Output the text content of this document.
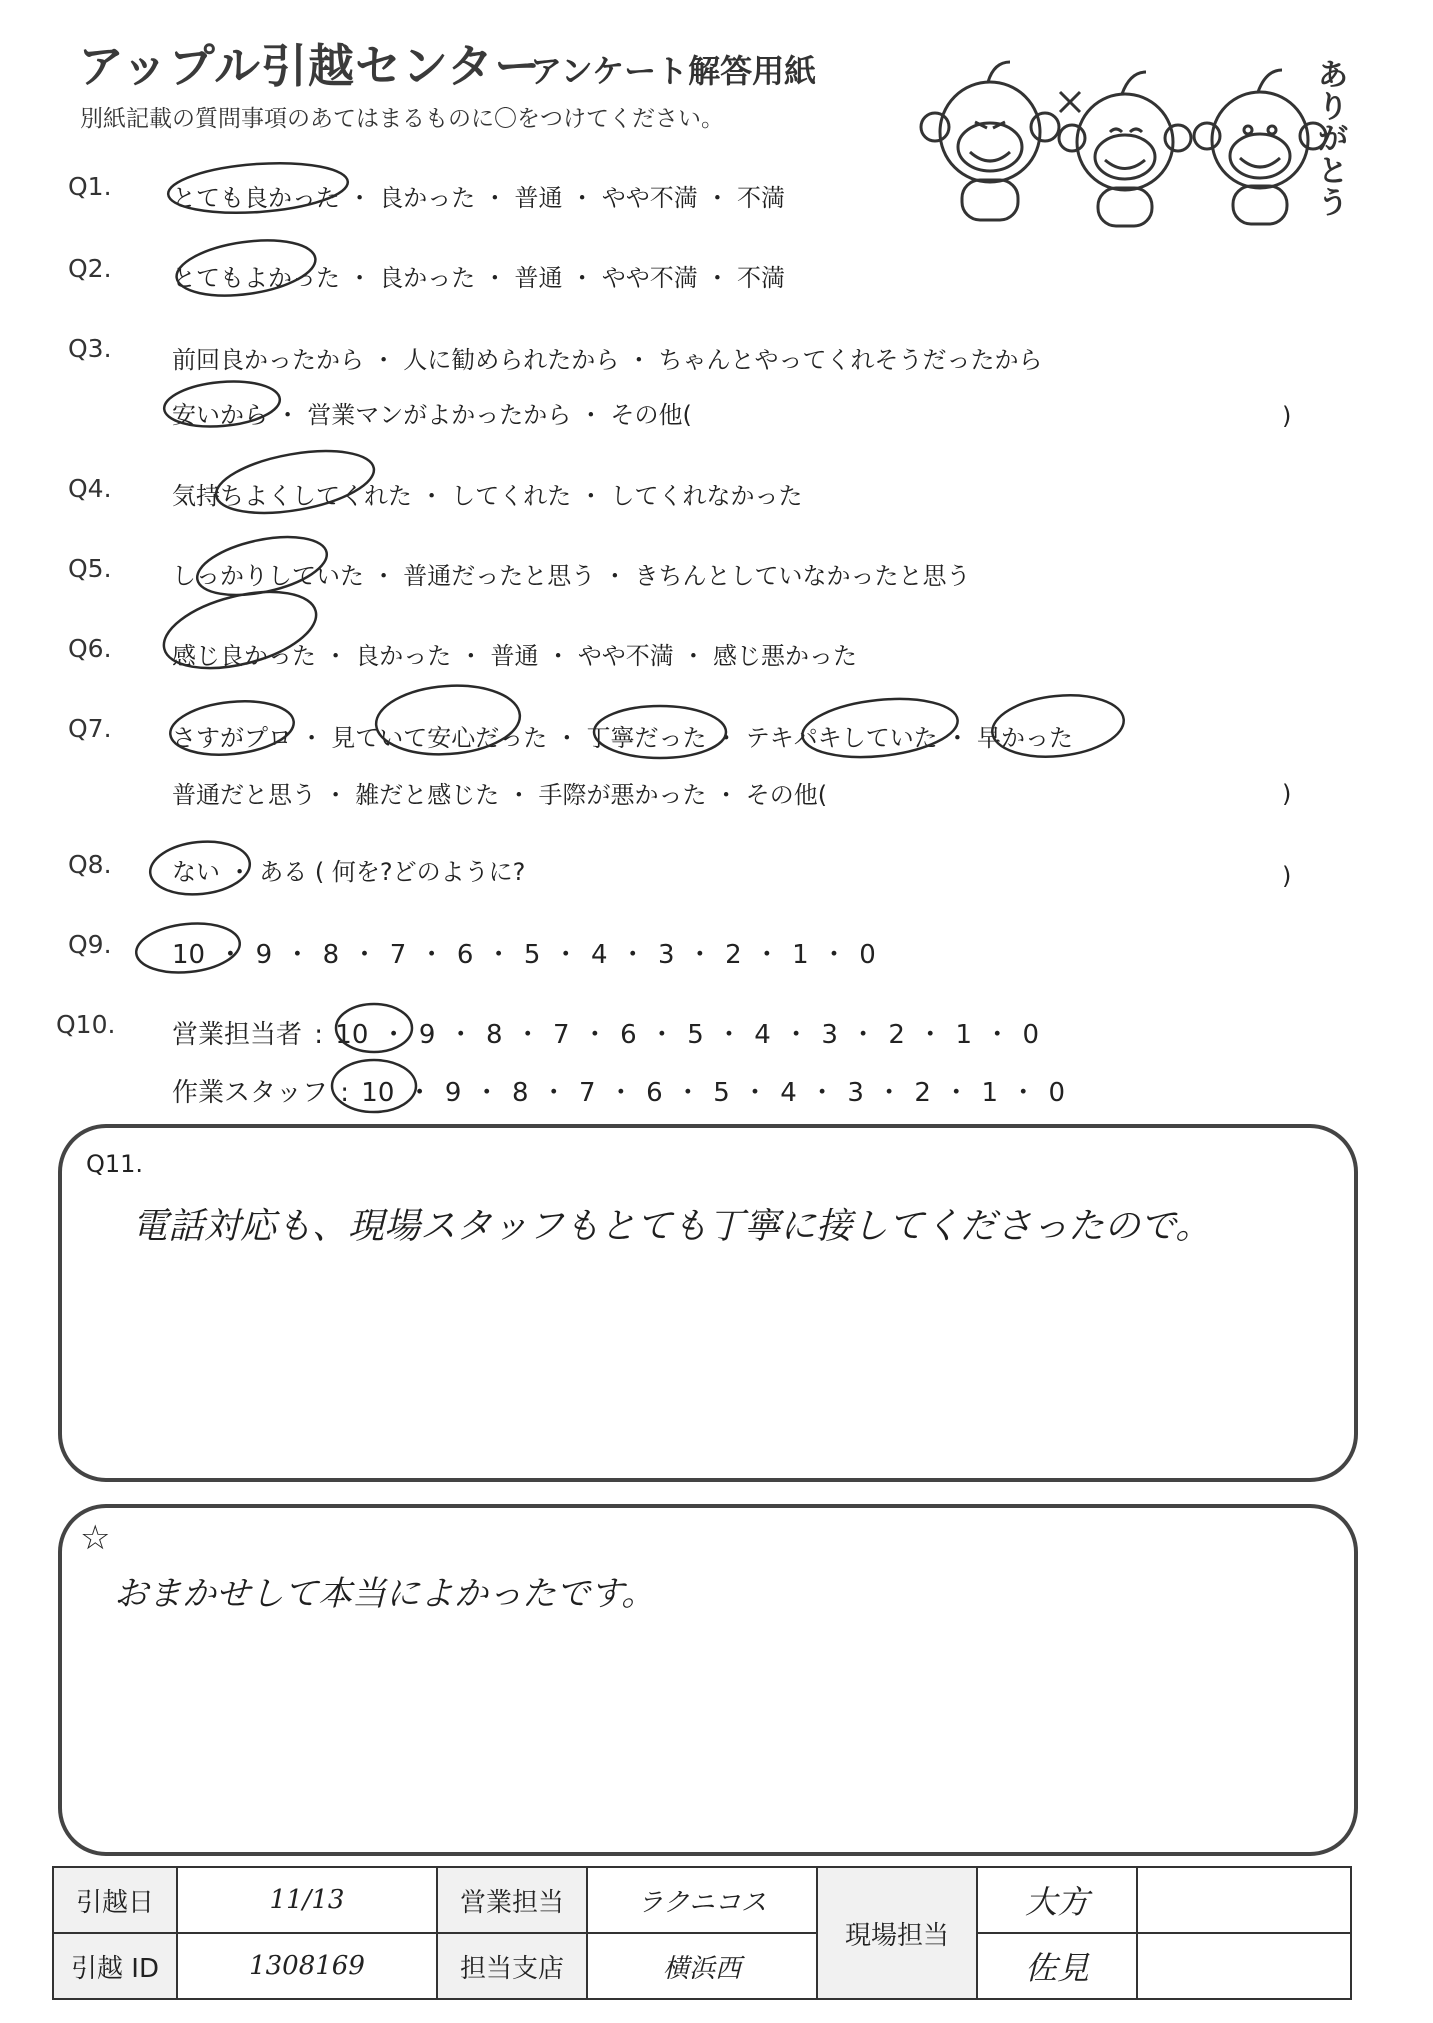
アップル引越センター
アンケート解答用紙
別紙記載の質問事項のあてはまるものに〇をつけてください。
ありがとう
Q1.	とても良かった ・ 良かった ・ 普通 ・ やや不満 ・ 不満
Q2.	とてもよかった ・ 良かった ・ 普通 ・ やや不満 ・ 不満
Q3.	前回良かったから ・ 人に勧められたから ・ ちゃんとやってくれそうだったから
安いから ・ 営業マンがよかったから ・ その他(	)
Q4.	気持ちよくしてくれた ・ してくれた ・ してくれなかった
Q5.	しっかりしていた ・ 普通だったと思う ・ きちんとしていなかったと思う
Q6.	感じ良かった ・ 良かった ・ 普通 ・ やや不満 ・ 感じ悪かった
Q7.	さすがプロ ・ 見ていて安心だった ・ 丁寧だった ・ テキパキしていた ・ 早かった
普通だと思う ・ 雑だと感じた ・ 手際が悪かった ・ その他(	)
Q8.	ない ・ ある ( 何を?どのように?	)
Q9. 10 ・ 9 ・ 8 ・ 7 ・ 6 ・ 5 ・ 4 ・ 3 ・ 2 ・ 1 ・ 0
Q10. 営業担当者 : 10 ・ 9 ・ 8 ・ 7 ・ 6 ・ 5 ・ 4 ・ 3 ・ 2 ・ 1 ・ 0
作業スタッフ : 10 ・ 9 ・ 8 ・ 7 ・ 6 ・ 5 ・ 4 ・ 3 ・ 2 ・ 1 ・ 0
Q11.
電話対応も、現場スタッフもとても丁寧に接してくださったので。
☆
おまかせして本当によかったです。
引越日	11/13	営業担当	ラクニコス	現場担当	大方	
引越 ID	1308169	担当支店	横浜西		佐見	
